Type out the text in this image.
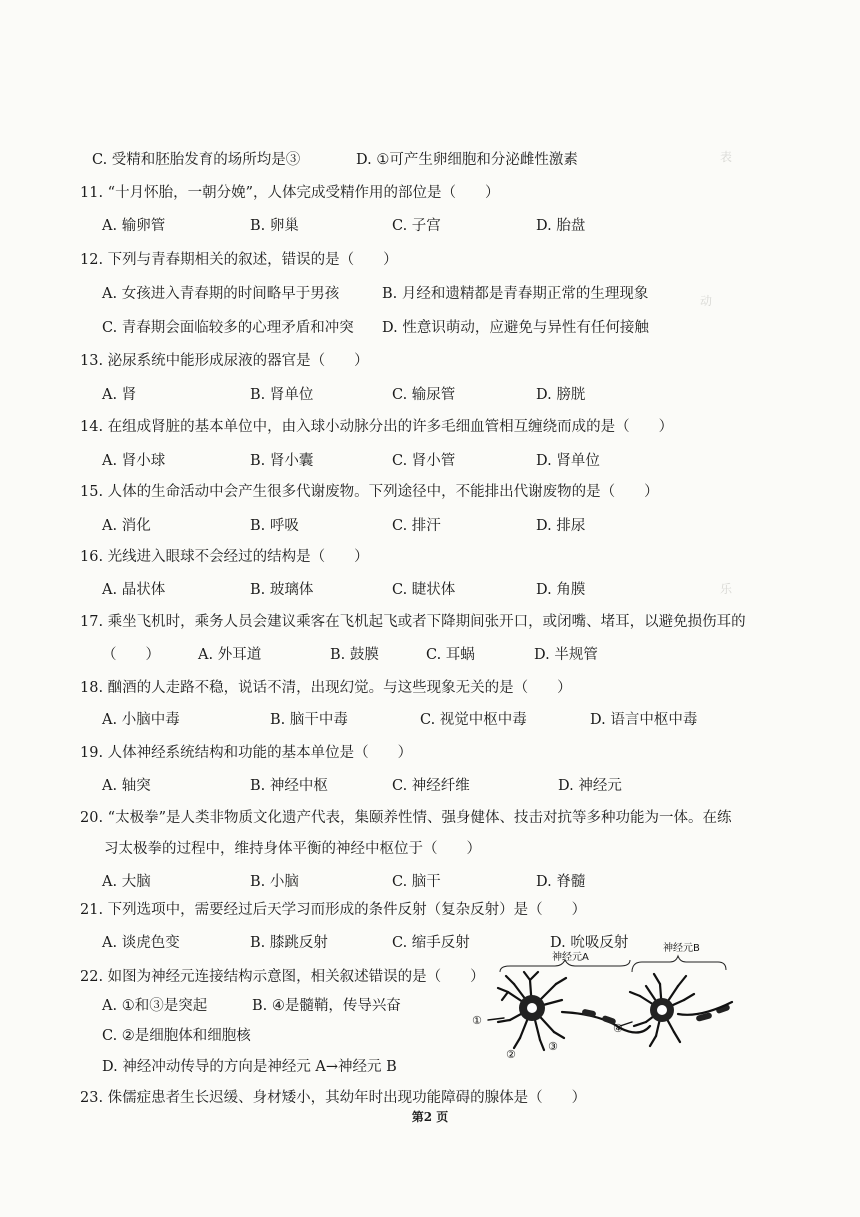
表
动
乐
C. 受精和胚胎发育的场所均是③	D. ①可产生卵细胞和分泌雌性激素
11. “十月怀胎，一朝分娩”，人体完成受精作用的部位是（　　）
A. 输卵管	B. 卵巢	C. 子宫	D. 胎盘
12. 下列与青春期相关的叙述，错误的是（　　）
A. 女孩进入青春期的时间略早于男孩	B. 月经和遗精都是青春期正常的生理现象
C. 青春期会面临较多的心理矛盾和冲突 D. 性意识萌动，应避免与异性有任何接触
13. 泌尿系统中能形成尿液的器官是（　　）
A. 肾	B. 肾单位	C. 输尿管	D. 膀胱
14. 在组成肾脏的基本单位中，由入球小动脉分出的许多毛细血管相互缠绕而成的是（　　）
A. 肾小球	B. 肾小囊	C. 肾小管	D. 肾单位
15. 人体的生命活动中会产生很多代谢废物。下列途径中，不能排出代谢废物的是（　　）
A. 消化	B. 呼吸	C. 排汗	D. 排尿
16. 光线进入眼球不会经过的结构是（　　）
A. 晶状体	B. 玻璃体	C. 睫状体	D. 角膜
17. 乘坐飞机时，乘务人员会建议乘客在飞机起飞或者下降期间张开口，或闭嘴、堵耳，以避免损伤耳的
（　　）	A. 外耳道	B. 鼓膜	C. 耳蜗	D. 半规管
18. 酗酒的人走路不稳，说话不清，出现幻觉。与这些现象无关的是（　　）
A. 小脑中毒	B. 脑干中毒	C. 视觉中枢中毒	D. 语言中枢中毒
19. 人体神经系统结构和功能的基本单位是（　　）
A. 轴突	B. 神经中枢	C. 神经纤维	D. 神经元
20. “太极拳”是人类非物质文化遗产代表，集颐养性情、强身健体、技击对抗等多种功能为一体。在练
习太极拳的过程中，维持身体平衡的神经中枢位于（　　）
A. 大脑	B. 小脑	C. 脑干	D. 脊髓
21. 下列选项中，需要经过后天学习而形成的条件反射（复杂反射）是（　　）
A. 谈虎色变	B. 膝跳反射	C. 缩手反射	D. 吮吸反射
22. 如图为神经元连接结构示意图，相关叙述错误的是（　　）
A. ①和③是突起	B. ④是髓鞘，传导兴奋
C. ②是细胞体和细胞核
D. 神经冲动传导的方向是神经元 A→神经元 B
23. 侏儒症患者生长迟缓、身材矮小，其幼年时出现功能障碍的腺体是（　　）
神经元A
神经元B
①
②
③
④
第2 页
